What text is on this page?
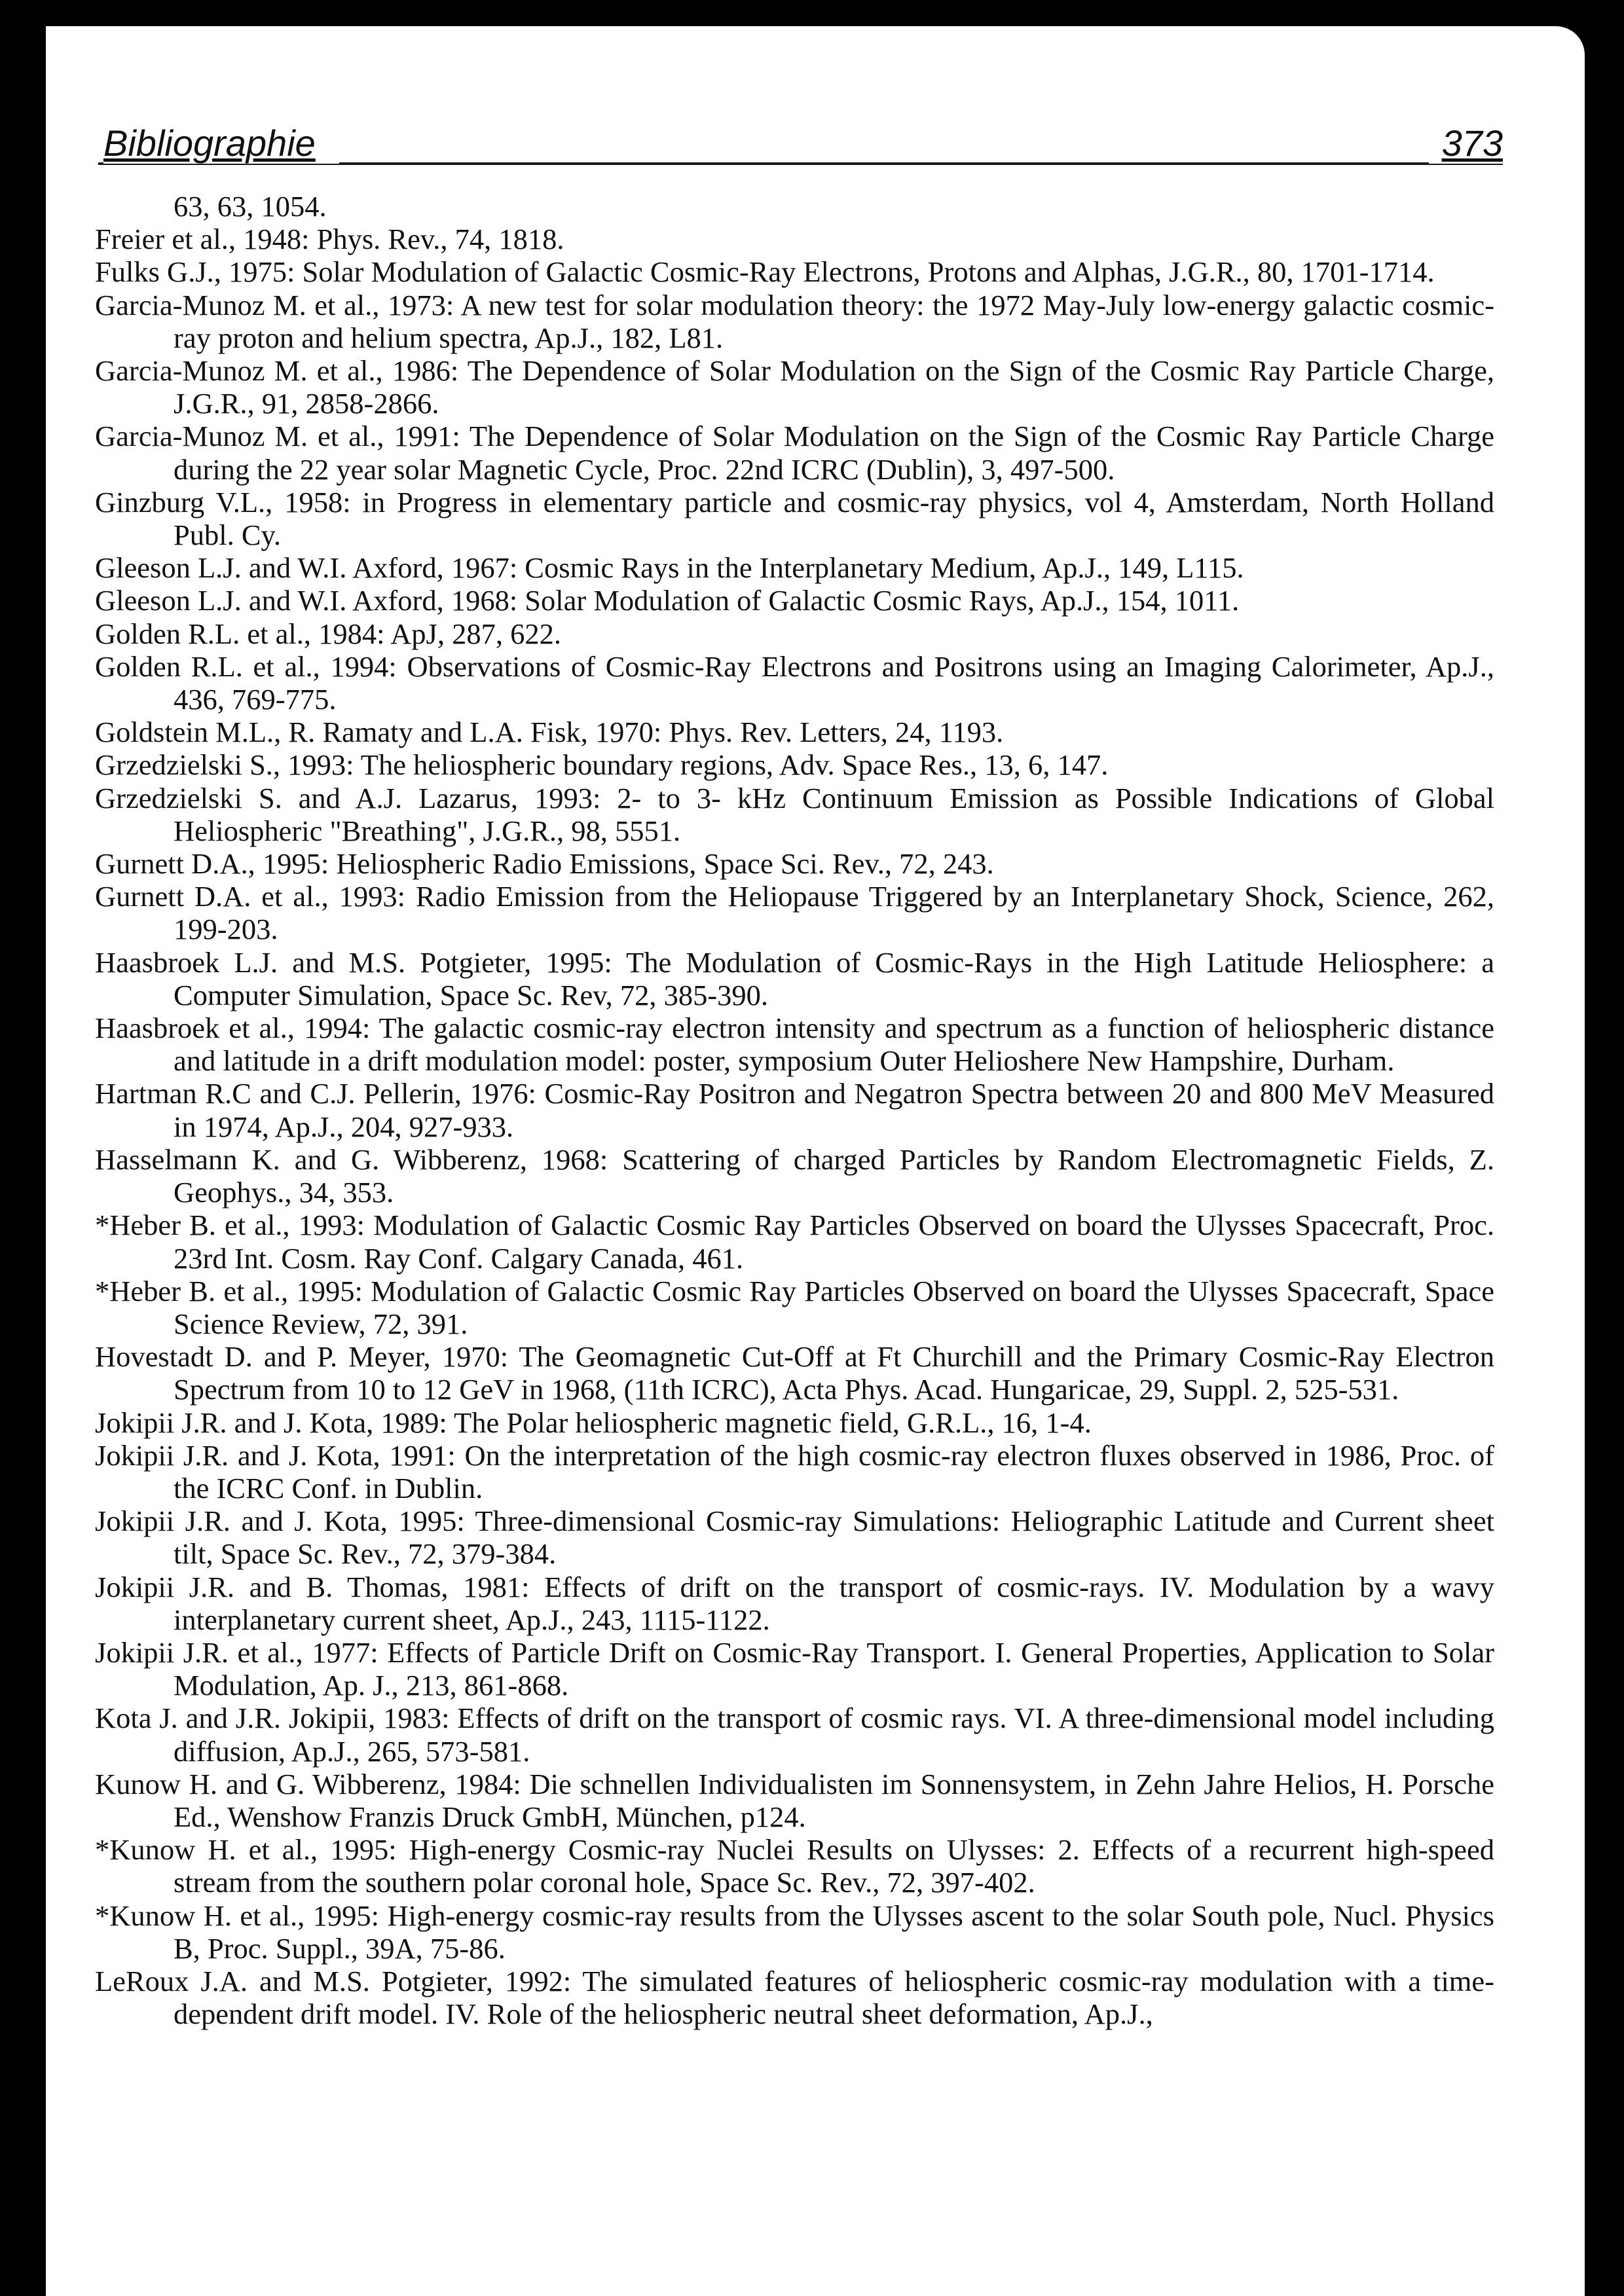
Bibliographie	373
63, 63, 1054.
Freier et al., 1948: Phys. Rev., 74, 1818.
Fulks G.J., 1975: Solar Modulation of Galactic Cosmic-Ray Electrons, Protons and Alphas, J.G.R., 80, 1701-1714.
Garcia-Munoz M. et al., 1973: A new test for solar modulation theory: the 1972 May-July low-energy galactic cosmic-ray proton and helium spectra, Ap.J., 182, L81.
Garcia-Munoz M. et al., 1986: The Dependence of Solar Modulation on the Sign of the Cosmic Ray Particle Charge, J.G.R., 91, 2858-2866.
Garcia-Munoz M. et al., 1991: The Dependence of Solar Modulation on the Sign of the Cosmic Ray Particle Charge during the 22 year solar Magnetic Cycle, Proc. 22nd ICRC (Dublin), 3, 497-500.
Ginzburg V.L., 1958: in Progress in elementary particle and cosmic-ray physics, vol 4, Amsterdam, North Holland Publ. Cy.
Gleeson L.J. and W.I. Axford, 1967: Cosmic Rays in the Interplanetary Medium, Ap.J., 149, L115.
Gleeson L.J. and W.I. Axford, 1968: Solar Modulation of Galactic Cosmic Rays, Ap.J., 154, 1011.
Golden R.L. et al., 1984: ApJ, 287, 622.
Golden R.L. et al., 1994: Observations of Cosmic-Ray Electrons and Positrons using an Imaging Calorimeter, Ap.J., 436, 769-775.
Goldstein M.L., R. Ramaty and L.A. Fisk, 1970: Phys. Rev. Letters, 24, 1193.
Grzedzielski S., 1993: The heliospheric boundary regions, Adv. Space Res., 13, 6, 147.
Grzedzielski S. and A.J. Lazarus, 1993: 2- to 3- kHz Continuum Emission as Possible Indications of Global Heliospheric "Breathing", J.G.R., 98, 5551.
Gurnett D.A., 1995: Heliospheric Radio Emissions, Space Sci. Rev., 72, 243.
Gurnett D.A. et al., 1993: Radio Emission from the Heliopause Triggered by an Interplanetary Shock, Science, 262, 199-203.
Haasbroek L.J. and M.S. Potgieter, 1995: The Modulation of Cosmic-Rays in the High Latitude Heliosphere: a Computer Simulation, Space Sc. Rev, 72, 385-390.
Haasbroek et al., 1994: The galactic cosmic-ray electron intensity and spectrum as a function of heliospheric distance and latitude in a drift modulation model: poster, symposium Outer Helioshere New Hampshire, Durham.
Hartman R.C and C.J. Pellerin, 1976: Cosmic-Ray Positron and Negatron Spectra between 20 and 800 MeV Measured in 1974, Ap.J., 204, 927-933.
Hasselmann K. and G. Wibberenz, 1968: Scattering of charged Particles by Random Electromagnetic Fields, Z. Geophys., 34, 353.
*Heber B. et al., 1993: Modulation of Galactic Cosmic Ray Particles Observed on board the Ulysses Spacecraft, Proc. 23rd Int. Cosm. Ray Conf. Calgary Canada, 461.
*Heber B. et al., 1995: Modulation of Galactic Cosmic Ray Particles Observed on board the Ulysses Spacecraft, Space Science Review, 72, 391.
Hovestadt D. and P. Meyer, 1970: The Geomagnetic Cut-Off at Ft Churchill and the Primary Cosmic-Ray Electron Spectrum from 10 to 12 GeV in 1968, (11th ICRC), Acta Phys. Acad. Hungaricae, 29, Suppl. 2, 525-531.
Jokipii J.R. and J. Kota, 1989: The Polar heliospheric magnetic field, G.R.L., 16, 1-4.
Jokipii J.R. and J. Kota, 1991: On the interpretation of the high cosmic-ray electron fluxes observed in 1986, Proc. of the ICRC Conf. in Dublin.
Jokipii J.R. and J. Kota, 1995: Three-dimensional Cosmic-ray Simulations: Heliographic Latitude and Current sheet tilt, Space Sc. Rev., 72, 379-384.
Jokipii J.R. and B. Thomas, 1981: Effects of drift on the transport of cosmic-rays. IV. Modulation by a wavy interplanetary current sheet, Ap.J., 243, 1115-1122.
Jokipii J.R. et al., 1977: Effects of Particle Drift on Cosmic-Ray Transport. I. General Properties, Application to Solar Modulation, Ap. J., 213, 861-868.
Kota J. and J.R. Jokipii, 1983: Effects of drift on the transport of cosmic rays. VI. A three-dimensional model including diffusion, Ap.J., 265, 573-581.
Kunow H. and G. Wibberenz, 1984: Die schnellen Individualisten im Sonnensystem, in Zehn Jahre Helios, H. Porsche Ed., Wenshow Franzis Druck GmbH, München, p124.
*Kunow H. et al., 1995: High-energy Cosmic-ray Nuclei Results on Ulysses: 2. Effects of a recurrent high-speed stream from the southern polar coronal hole, Space Sc. Rev., 72, 397-402.
*Kunow H. et al., 1995: High-energy cosmic-ray results from the Ulysses ascent to the solar South pole, Nucl. Physics B, Proc. Suppl., 39A, 75-86.
LeRoux J.A. and M.S. Potgieter, 1992: The simulated features of heliospheric cosmic-ray modulation with a time-dependent drift model. IV. Role of the heliospheric neutral sheet deformation, Ap.J.,
